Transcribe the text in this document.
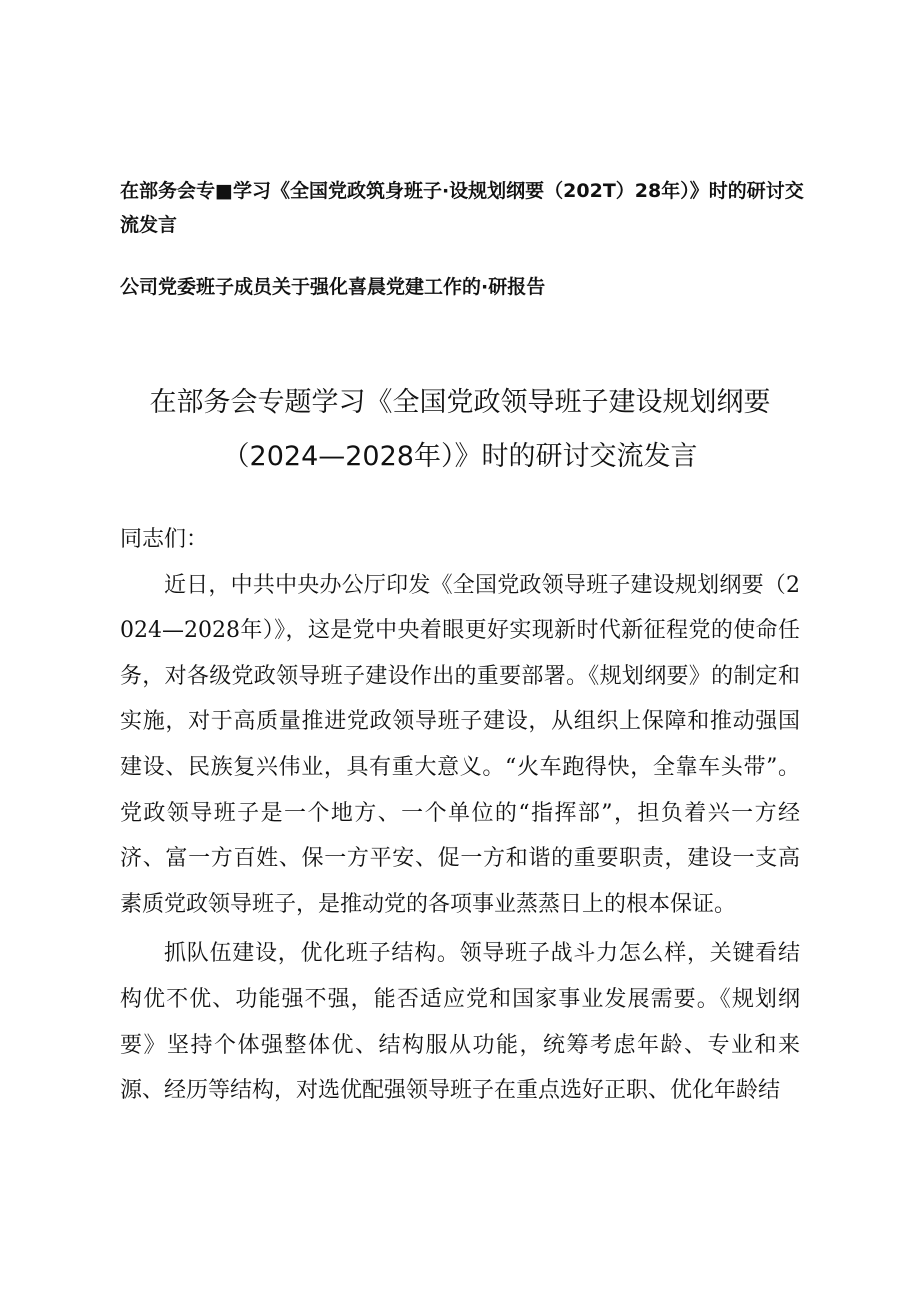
在部务会专■学习《全国党政筑身班子·设规划纲要（202T）28年）》时的研讨交流发言

公司党委班子成员关于强化喜晨党建工作的·研报告

在部务会专题学习《全国党政领导班子建设规划纲要
（2024—2028年）》时的研讨交流发言

同志们：

近日，中共中央办公厅印发《全国党政领导班子建设规划纲要（2024—2028年）》，这是党中央着眼更好实现新时代新征程党的使命任务，对各级党政领导班子建设作出的重要部署。《规划纲要》的制定和实施，对于高质量推进党政领导班子建设，从组织上保障和推动强国建设、民族复兴伟业，具有重大意义。“火车跑得快，全靠车头带”。党政领导班子是一个地方、一个单位的“指挥部”，担负着兴一方经济、富一方百姓、保一方平安、促一方和谐的重要职责，建设一支高素质党政领导班子，是推动党的各项事业蒸蒸日上的根本保证。

抓队伍建设，优化班子结构。领导班子战斗力怎么样，关键看结构优不优、功能强不强，能否适应党和国家事业发展需要。《规划纲要》坚持个体强整体优、结构服从功能，统筹考虑年龄、专业和来源、经历等结构，对选优配强领导班子在重点选好正职、优化年龄结
